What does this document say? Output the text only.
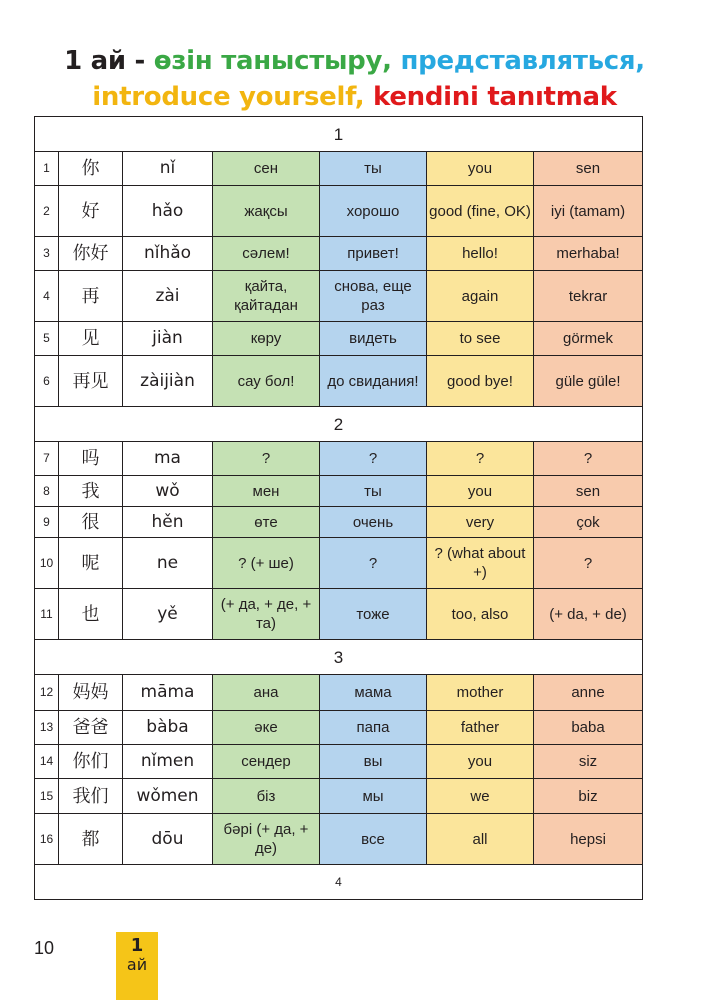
1 ай - өзін таныстыру, представляться,
introduce yourself, kendini tanıtmak
1						
1	你	nǐ	сен	ты	you	sen
2	好	hǎo	жақсы	хорошо	good (fine, OK)	iyi (tamam)
3	你好	nǐhǎo	сәлем!	привет!	hello!	merhaba!
4	再	zài	қайта, қайтадан	снова, еще раз	again	tekrar
5	见	jiàn	көру	видеть	to see	görmek
6	再见	zàijiàn	сау бол!	до свидания!	good bye!	güle güle!
2						
7	吗	ma	?	?	?	?
8	我	wǒ	мен	ты	you	sen
9	很	hěn	өте	очень	very	çok
10	呢	ne	? (+ ше)	?	? (what about +)	?
11	也	yě	(+ да, + де, + та)	тоже	too, also	(+ da, + de)
3						
12	妈妈	māma	ана	мама	mother	anne
13	爸爸	bàba	әке	папа	father	baba
14	你们	nǐmen	сендер	вы	you	siz
15	我们	wǒmen	біз	мы	we	biz
16	都	dōu	бәрі (+ да, + де)	все	all	hepsi
4						
10	1
ай
